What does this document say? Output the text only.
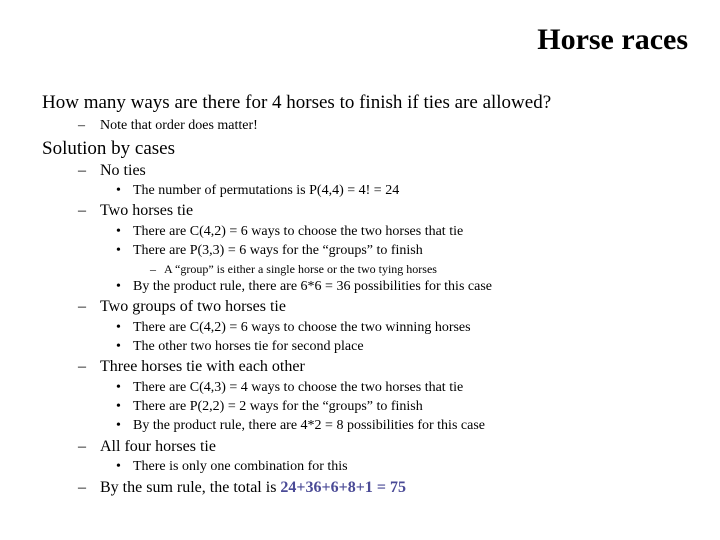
Horse races
How many ways are there for 4 horses to finish if ties are allowed?
– Note that order does matter!
Solution by cases
– No ties
• The number of permutations is P(4,4) = 4! = 24
– Two horses tie
• There are C(4,2) = 6 ways to choose the two horses that tie
• There are P(3,3) = 6 ways for the “groups” to finish
– A “group” is either a single horse or the two tying horses
• By the product rule, there are 6*6 = 36 possibilities for this case
– Two groups of two horses tie
• There are C(4,2) = 6 ways to choose the two winning horses
• The other two horses tie for second place
– Three horses tie with each other
• There are C(4,3) = 4 ways to choose the two horses that tie
• There are P(2,2) = 2 ways for the “groups” to finish
• By the product rule, there are 4*2 = 8 possibilities for this case
– All four horses tie
• There is only one combination for this
– By the sum rule, the total is 24+36+6+8+1 = 75
